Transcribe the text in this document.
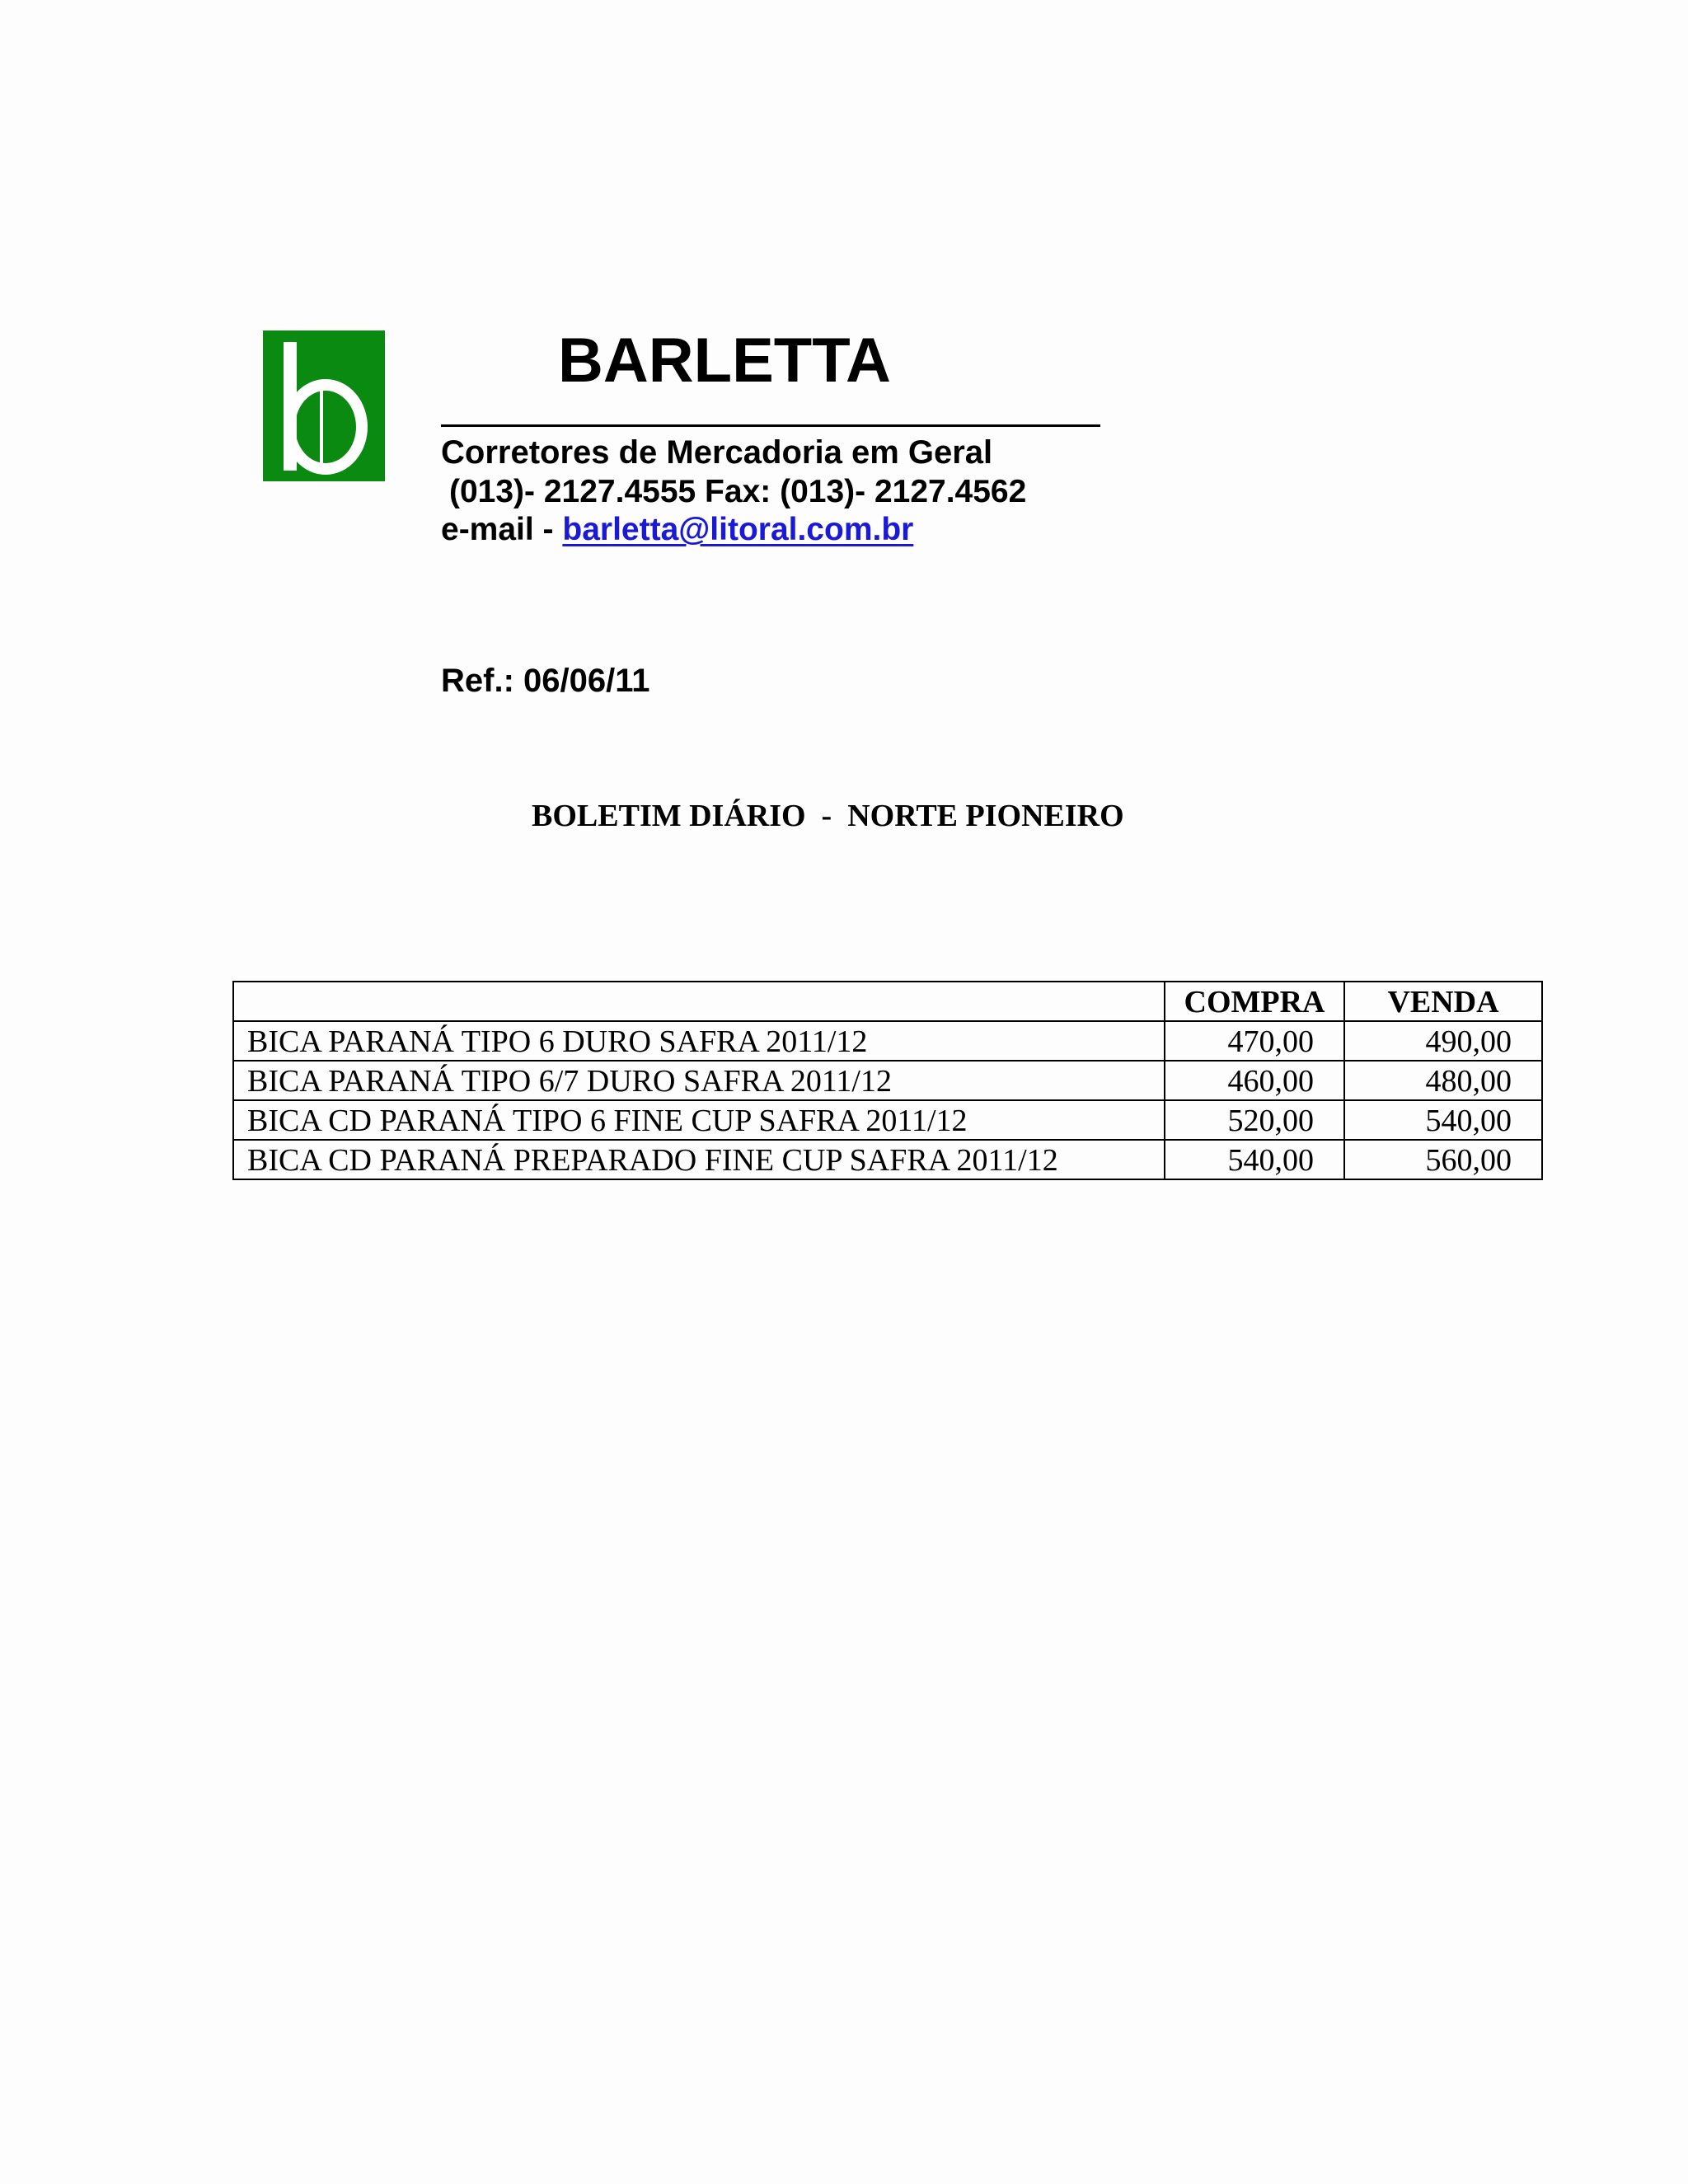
BARLETTA
Corretores de Mercadoria em Geral
(013)- 2127.4555 Fax: (013)- 2127.4562
e-mail - barletta@litoral.com.br
Ref.: 06/06/11
BOLETIM DIÁRIO  -  NORTE PIONEIRO
	COMPRA	VENDA
BICA PARANÁ TIPO 6 DURO SAFRA 2011/12	470,00	490,00
BICA PARANÁ TIPO 6/7 DURO SAFRA 2011/12	460,00	480,00
BICA CD PARANÁ TIPO 6 FINE CUP SAFRA 2011/12	520,00	540,00
BICA CD PARANÁ PREPARADO FINE CUP SAFRA 2011/12	540,00	560,00
